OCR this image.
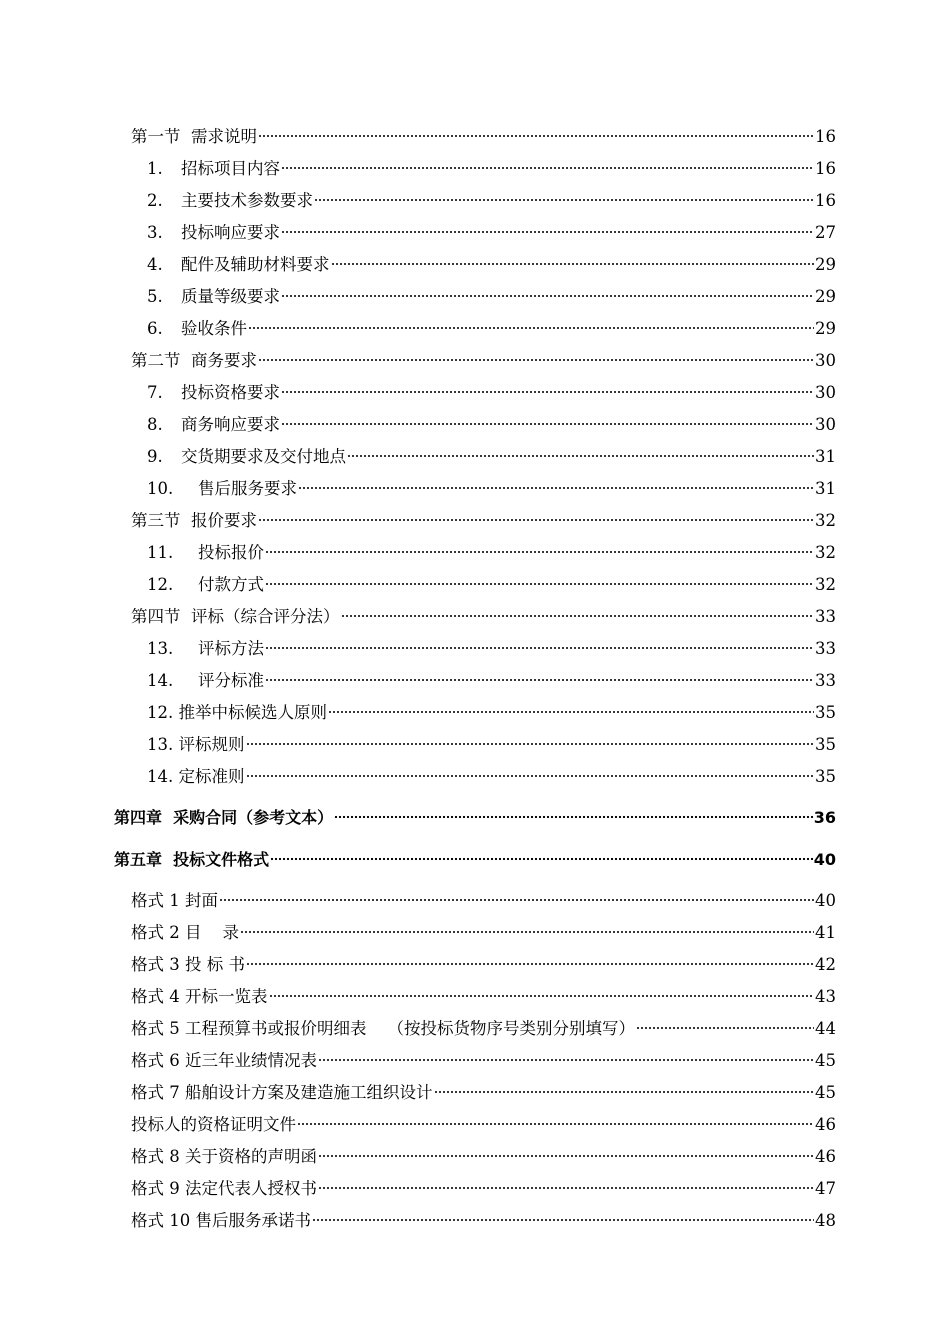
第一节  需求说明	16
1.	招标项目内容	16
2.	主要技术参数要求	16
3.	投标响应要求	27
4.	配件及辅助材料要求	29
5.	质量等级要求	29
6.	验收条件	29
第二节  商务要求	30
7.	投标资格要求	30
8.	商务响应要求	30
9.	交货期要求及交付地点	31
10.	售后服务要求	31
第三节  报价要求	32
11.	投标报价	32
12.	付款方式	32
第四节  评标（综合评分法）	33
13.	评标方法	33
14.	评分标准	33
12. 推举中标候选人原则	35
13. 评标规则	35
14. 定标准则	35
第四章  采购合同（参考文本）	36
第五章  投标文件格式	40
格式 1 封面	40
格式 2 目    录	41
格式 3 投 标 书	42
格式 4 开标一览表	43
格式 5 工程预算书或报价明细表    （按投标货物序号类别分别填写）	44
格式 6 近三年业绩情况表	45
格式 7 船舶设计方案及建造施工组织设计	45
投标人的资格证明文件	46
格式 8 关于资格的声明函	46
格式 9 法定代表人授权书	47
格式 10 售后服务承诺书	48
